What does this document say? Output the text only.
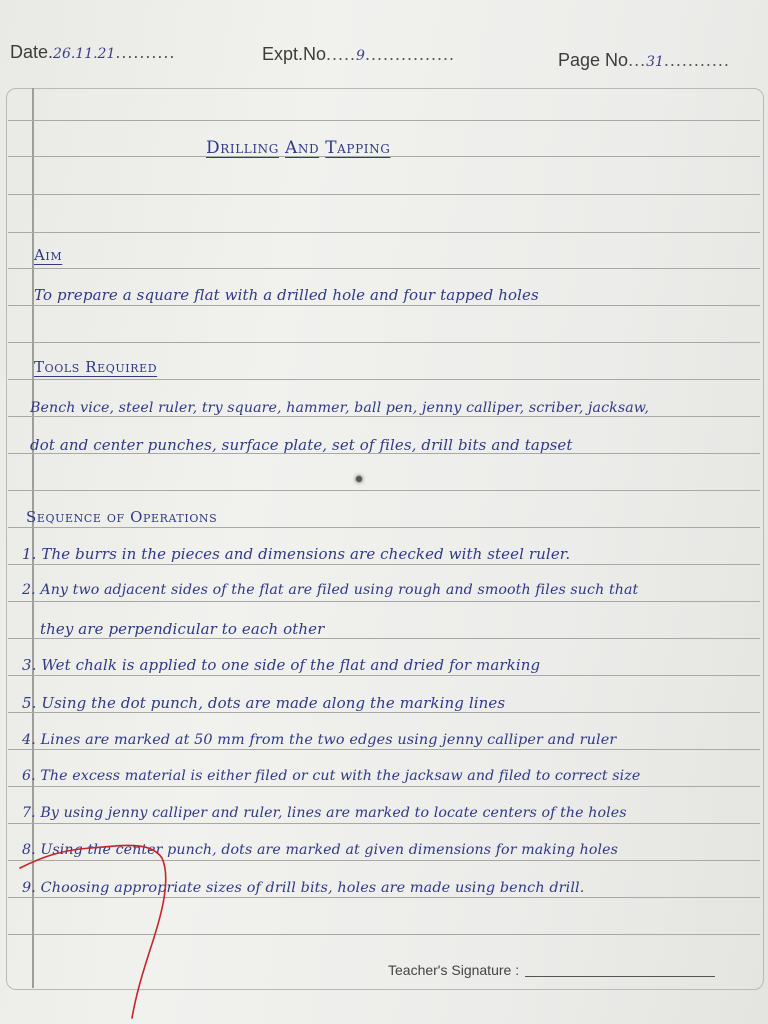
Date.26.11.21..........	Expt.No.....9...............	Page No...31...........
Drilling And Tapping
Aim
To prepare a square flat with a drilled hole and four tapped holes
Tools Required
Bench vice, steel ruler, try square, hammer, ball pen, jenny calliper, scriber, jacksaw,
dot and center punches, surface plate, set of files, drill bits and tapset
Sequence of Operations
1. The burrs in the pieces and dimensions are checked with steel ruler.
2. Any two adjacent sides of the flat are filed using rough and smooth files such that
they are perpendicular to each other
3. Wet chalk is applied to one side of the flat and dried for marking
5. Using the dot punch, dots are made along the marking lines
4. Lines are marked at 50 mm from the two edges using jenny calliper and ruler
6. The excess material is either filed or cut with the jacksaw and filed to correct size
7. By using jenny calliper and ruler, lines are marked to locate centers of the holes
8. Using the center punch, dots are marked at given dimensions for making holes
9. Choosing appropriate sizes of drill bits, holes are made using bench drill.
Teacher's Signature :
